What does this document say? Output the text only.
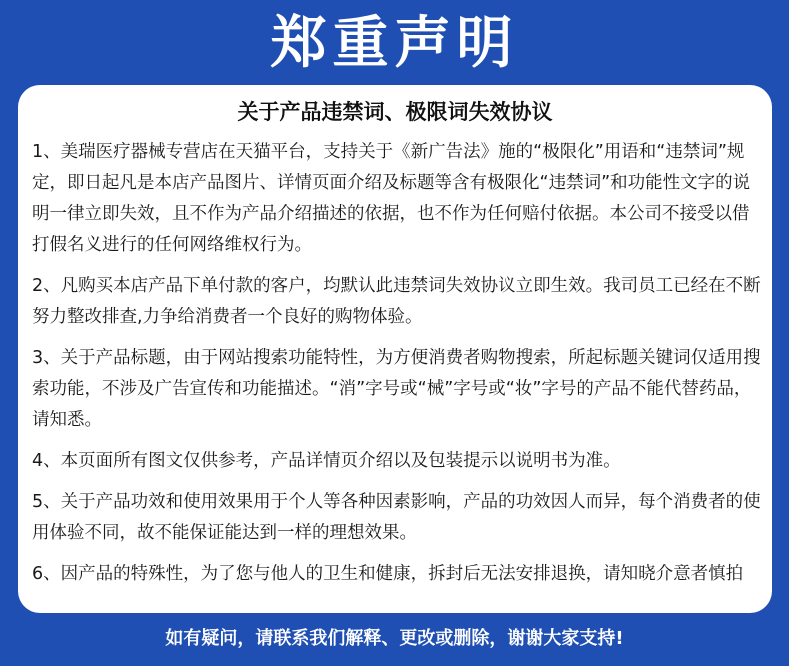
郑重声明
关于产品违禁词、极限词失效协议

1、美瑞医疗器械专营店在天猫平台，支持关于《新广告法》施的“极限化”用语和“违禁词”规定，即日起凡是本店产品图片、详情页面介绍及标题等含有极限化“违禁词”和功能性文字的说明一律立即失效，且不作为产品介绍描述的依据，也不作为任何赔付依据。本公司不接受以借打假名义进行的任何网络维权行为。

2、凡购买本店产品下单付款的客户，均默认此违禁词失效协议立即生效。我司员工已经在不断努力整改排查,力争给消费者一个良好的购物体验。

3、关于产品标题，由于网站搜索功能特性，为方便消费者购物搜索，所起标题关键词仅适用搜索功能，不涉及广告宣传和功能描述。“消”字号或“械”字号或“妆”字号的产品不能代替药品，请知悉。

4、本页面所有图文仅供参考，产品详情页介绍以及包装提示以说明书为准。

5、关于产品功效和使用效果用于个人等各种因素影响，产品的功效因人而异，每个消费者的使用体验不同，故不能保证能达到一样的理想效果。

6、因产品的特殊性，为了您与他人的卫生和健康，拆封后无法安排退换，请知晓介意者慎拍

如有疑问，请联系我们解释、更改或删除，谢谢大家支持!
